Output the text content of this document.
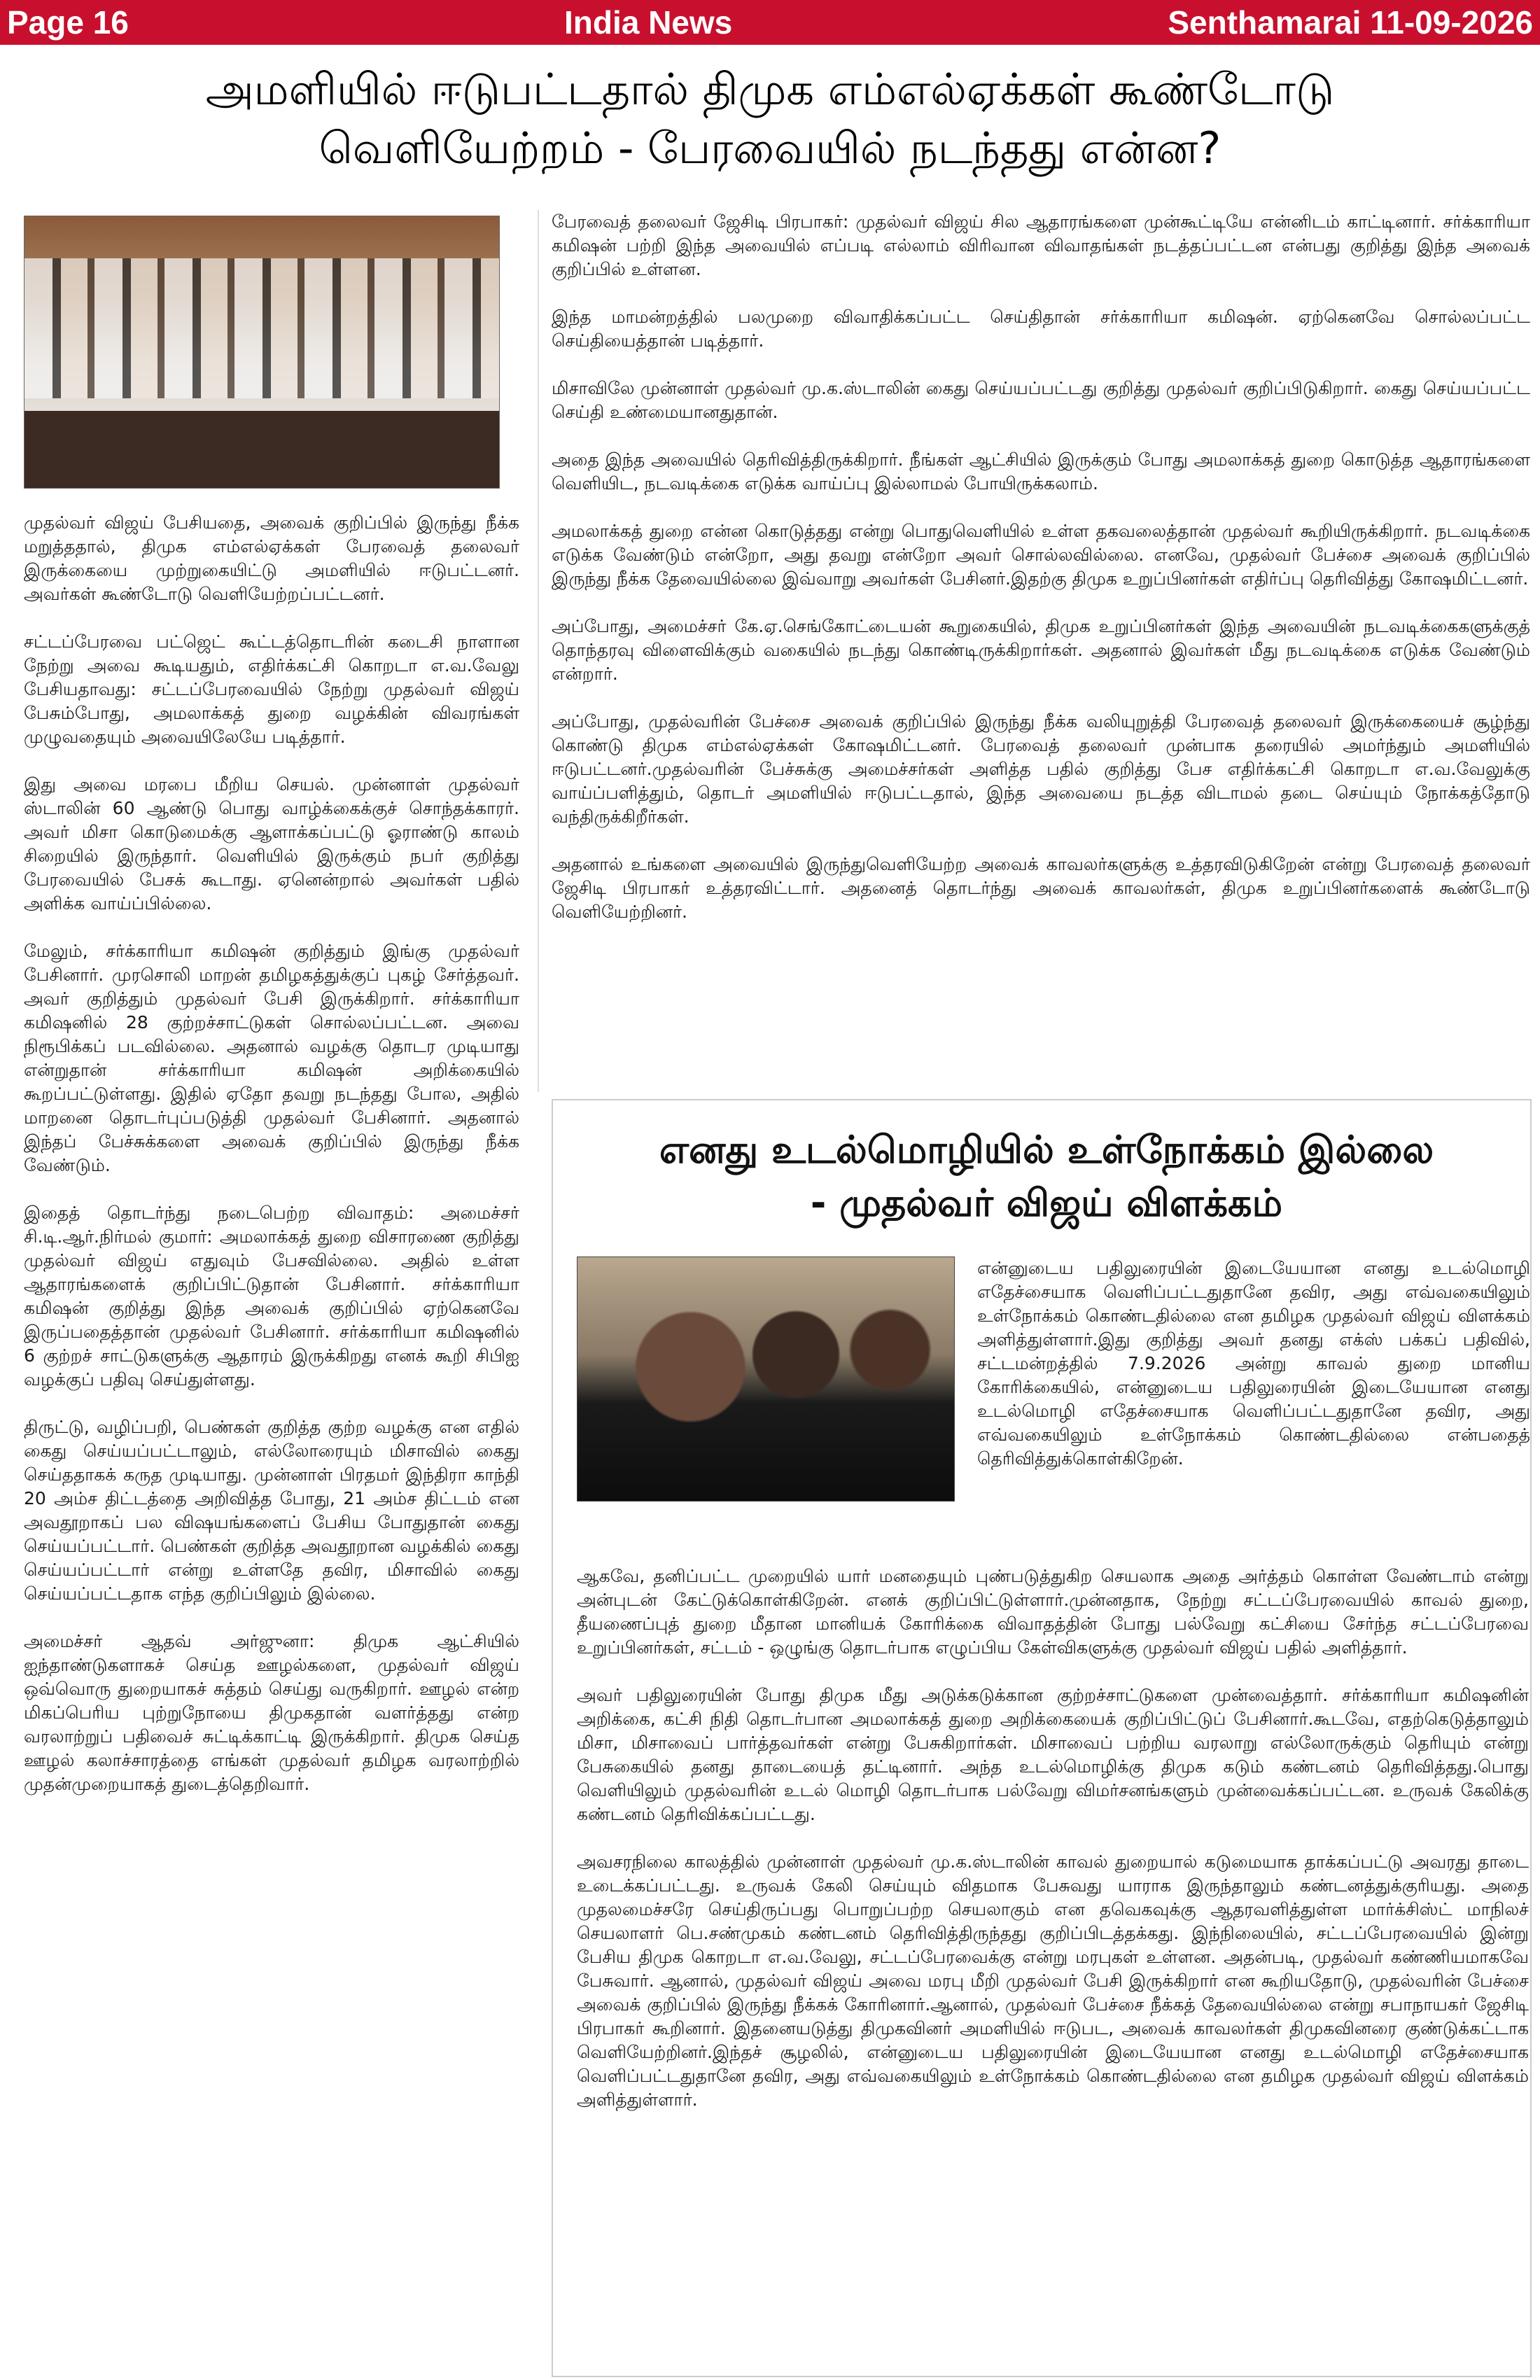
Page 16	India News	Senthamarai 11-09-2026
அமளியில் ஈடுபட்டதால் திமுக எம்எல்ஏக்கள் கூண்டோடு
வெளியேற்றம் - பேரவையில் நடந்தது என்ன?

முதல்வர் விஜய் பேசியதை, அவைக் குறிப்பில் இருந்து நீக்க மறுத்ததால், திமுக எம்எல்ஏக்கள் பேரவைத் தலைவர் இருக்கையை முற்றுகையிட்டு அமளியில் ஈடுபட்டனர். அவர்கள் கூண்டோடு வெளியேற்றப்பட்டனர்.

சட்டப்பேரவை பட்ஜெட் கூட்டத்தொடரின் கடைசி நாளான நேற்று அவை கூடியதும், எதிர்க்கட்சி கொறடா எ.வ.வேலு பேசியதாவது: சட்டப்பேரவையில் நேற்று முதல்வர் விஜய் பேசும்போது, அமலாக்கத் துறை வழக்கின் விவரங்கள் முழுவதையும் அவையிலேயே படித்தார்.

இது அவை மரபை மீறிய செயல். முன்னாள் முதல்வர் ஸ்டாலின் 60 ஆண்டு பொது வாழ்க்கைக்குச் சொந்தக்காரர். அவர் மிசா கொடுமைக்கு ஆளாக்கப்பட்டு ஓராண்டு காலம் சிறையில் இருந்தார். வெளியில் இருக்கும் நபர் குறித்து பேரவையில் பேசக் கூடாது. ஏனென்றால் அவர்கள் பதில் அளிக்க வாய்ப்பில்லை.

மேலும், சர்க்காரியா கமிஷன் குறித்தும் இங்கு முதல்வர் பேசினார். முரசொலி மாறன் தமிழகத்துக்குப் புகழ் சேர்த்தவர். அவர் குறித்தும் முதல்வர் பேசி இருக்கிறார். சர்க்காரியா கமிஷனில் 28 குற்றச்சாட்டுகள் சொல்லப்பட்டன. அவை நிரூபிக்கப் படவில்லை. அதனால் வழக்கு தொடர முடியாது என்றுதான் சர்க்காரியா கமிஷன் அறிக்கையில் கூறப்பட்டுள்ளது. இதில் ஏதோ தவறு நடந்தது போல, அதில் மாறனை தொடர்புப்படுத்தி முதல்வர் பேசினார். அதனால் இந்தப் பேச்சுக்களை அவைக் குறிப்பில் இருந்து நீக்க வேண்டும்.

இதைத் தொடர்ந்து நடைபெற்ற விவாதம்: அமைச்சர் சி.டி.ஆர்.நிர்மல் குமார்: அமலாக்கத் துறை விசாரணை குறித்து முதல்வர் விஜய் எதுவும் பேசவில்லை. அதில் உள்ள ஆதாரங்களைக் குறிப்பிட்டுதான் பேசினார். சர்க்காரியா கமிஷன் குறித்து இந்த அவைக் குறிப்பில் ஏற்கெனவே இருப்பதைத்தான் முதல்வர் பேசினார். சர்க்காரியா கமிஷனில் 6 குற்றச் சாட்டுகளுக்கு ஆதாரம் இருக்கிறது எனக் கூறி சிபிஐ வழக்குப் பதிவு செய்துள்ளது.

திருட்டு, வழிப்பறி, பெண்கள் குறித்த குற்ற வழக்கு என எதில் கைது செய்யப்பட்டாலும், எல்லோரையும் மிசாவில் கைது செய்ததாகக் கருத முடியாது. முன்னாள் பிரதமர் இந்திரா காந்தி 20 அம்ச திட்டத்தை அறிவித்த போது, 21 அம்ச திட்டம் என அவதூறாகப் பல விஷயங்களைப் பேசிய போதுதான் கைது செய்யப்பட்டார். பெண்கள் குறித்த அவதூறான வழக்கில் கைது செய்யப்பட்டார் என்று உள்ளதே தவிர, மிசாவில் கைது செய்யப்பட்டதாக எந்த குறிப்பிலும் இல்லை.

அமைச்சர் ஆதவ் அர்ஜுனா: திமுக ஆட்சியில் ஐந்தாண்டுகளாகச் செய்த ஊழல்களை, முதல்வர் விஜய் ஒவ்வொரு துறையாகச் சுத்தம் செய்து வருகிறார். ஊழல் என்ற மிகப்பெரிய புற்றுநோயை திமுகதான் வளர்த்தது என்ற வரலாற்றுப் பதிவைச் சுட்டிக்காட்டி இருக்கிறார். திமுக செய்த ஊழல் கலாச்சாரத்தை எங்கள் முதல்வர் தமிழக வரலாற்றில் முதன்முறையாகத் துடைத்தெறிவார்.

பேரவைத் தலைவர் ஜேசிடி பிரபாகர்: முதல்வர் விஜய் சில ஆதாரங்களை முன்கூட்டியே என்னிடம் காட்டினார். சர்க்காரியா கமிஷன் பற்றி இந்த அவையில் எப்படி எல்லாம் விரிவான விவாதங்கள் நடத்தப்பட்டன என்பது குறித்து இந்த அவைக் குறிப்பில் உள்ளன.

இந்த மாமன்றத்தில் பலமுறை விவாதிக்கப்பட்ட செய்திதான் சர்க்காரியா கமிஷன். ஏற்கெனவே சொல்லப்பட்ட செய்தியைத்தான் படித்தார்.

மிசாவிலே முன்னாள் முதல்வர் மு.க.ஸ்டாலின் கைது செய்யப்பட்டது குறித்து முதல்வர் குறிப்பிடுகிறார். கைது செய்யப்பட்ட செய்தி உண்மையானதுதான்.

அதை இந்த அவையில் தெரிவித்திருக்கிறார். நீங்கள் ஆட்சியில் இருக்கும் போது அமலாக்கத் துறை கொடுத்த ஆதாரங்களை வெளியிட, நடவடிக்கை எடுக்க வாய்ப்பு இல்லாமல் போயிருக்கலாம்.

அமலாக்கத் துறை என்ன கொடுத்தது என்று பொதுவெளியில் உள்ள தகவலைத்தான் முதல்வர் கூறியிருக்கிறார். நடவடிக்கை எடுக்க வேண்டும் என்றோ, அது தவறு என்றோ அவர் சொல்லவில்லை. எனவே, முதல்வர் பேச்சை அவைக் குறிப்பில் இருந்து நீக்க தேவையில்லை இவ்வாறு அவர்கள் பேசினர்.இதற்கு திமுக உறுப்பினர்கள் எதிர்ப்பு தெரிவித்து கோஷமிட்டனர்.

அப்போது, அமைச்சர் கே.ஏ.செங்கோட்டையன் கூறுகையில், திமுக உறுப்பினர்கள் இந்த அவையின் நடவடிக்கைகளுக்குத் தொந்தரவு விளைவிக்கும் வகையில் நடந்து கொண்டிருக்கிறார்கள். அதனால் இவர்கள் மீது நடவடிக்கை எடுக்க வேண்டும் என்றார்.

அப்போது, முதல்வரின் பேச்சை அவைக் குறிப்பில் இருந்து நீக்க வலியுறுத்தி பேரவைத் தலைவர் இருக்கையைச் சூழ்ந்து கொண்டு திமுக எம்எல்ஏக்கள் கோஷமிட்டனர். பேரவைத் தலைவர் முன்பாக தரையில் அமர்ந்தும் அமளியில் ஈடுபட்டனர்.முதல்வரின் பேச்சுக்கு அமைச்சர்கள் அளித்த பதில் குறித்து பேச எதிர்க்கட்சி கொறடா எ.வ.வேலுக்கு வாய்ப்பளித்தும், தொடர் அமளியில் ஈடுபட்டதால், இந்த அவையை நடத்த விடாமல் தடை செய்யும் நோக்கத்தோடு வந்திருக்கிறீர்கள்.

அதனால் உங்களை அவையில் இருந்துவெளியேற்ற அவைக் காவலர்களுக்கு உத்தரவிடுகிறேன் என்று பேரவைத் தலைவர் ஜேசிடி பிரபாகர் உத்தரவிட்டார். அதனைத் தொடர்ந்து அவைக் காவலர்கள், திமுக உறுப்பினர்களைக் கூண்டோடு வெளியேற்றினர்.

எனது உடல்மொழியில் உள்நோக்கம் இல்லை
- முதல்வர் விஜய் விளக்கம்

என்னுடைய பதிலுரையின் இடையேயான எனது உடல்மொழி எதேச்சையாக வெளிப்பட்டதுதானே தவிர, அது எவ்வகையிலும் உள்நோக்கம் கொண்டதில்லை என தமிழக முதல்வர் விஜய் விளக்கம் அளித்துள்ளார்.இது குறித்து அவர் தனது எக்ஸ் பக்கப் பதிவில், சட்டமன்றத்தில் 7.9.2026 அன்று காவல் துறை மானிய கோரிக்கையில், என்னுடைய பதிலுரையின் இடையேயான எனது உடல்மொழி எதேச்சையாக வெளிப்பட்டதுதானே தவிர, அது எவ்வகையிலும் உள்நோக்கம் கொண்டதில்லை என்பதைத் தெரிவித்துக்கொள்கிறேன்.

ஆகவே, தனிப்பட்ட முறையில் யார் மனதையும் புண்படுத்துகிற செயலாக அதை அர்த்தம் கொள்ள வேண்டாம் என்று அன்புடன் கேட்டுக்கொள்கிறேன். எனக் குறிப்பிட்டுள்ளார்.முன்னதாக, நேற்று சட்டப்பேரவையில் காவல் துறை, தீயணைப்புத் துறை மீதான மானியக் கோரிக்கை விவாதத்தின் போது பல்வேறு கட்சியை சேர்ந்த சட்டப்பேரவை உறுப்பினர்கள், சட்டம் - ஒழுங்கு தொடர்பாக எழுப்பிய கேள்விகளுக்கு முதல்வர் விஜய் பதில் அளித்தார்.

அவர் பதிலுரையின் போது திமுக மீது அடுக்கடுக்கான குற்றச்சாட்டுகளை முன்வைத்தார். சர்க்காரியா கமிஷனின் அறிக்கை, கட்சி நிதி தொடர்பான அமலாக்கத் துறை அறிக்கையைக் குறிப்பிட்டுப் பேசினார்.கூடவே, எதற்கெடுத்தாலும் மிசா, மிசாவைப் பார்த்தவர்கள் என்று பேசுகிறார்கள். மிசாவைப் பற்றிய வரலாறு எல்லோருக்கும் தெரியும் என்று பேசுகையில் தனது தாடையைத் தட்டினார். அந்த உடல்மொழிக்கு திமுக கடும் கண்டனம் தெரிவித்தது.பொது வெளியிலும் முதல்வரின் உடல் மொழி தொடர்பாக பல்வேறு விமர்சனங்களும் முன்வைக்கப்பட்டன. உருவக் கேலிக்கு கண்டனம் தெரிவிக்கப்பட்டது.

அவசரநிலை காலத்தில் முன்னாள் முதல்வர் மு.க.ஸ்டாலின் காவல் துறையால் கடுமையாக தாக்கப்பட்டு அவரது தாடை உடைக்கப்பட்டது. உருவக் கேலி செய்யும் விதமாக பேசுவது யாராக இருந்தாலும் கண்டனத்துக்குரியது. அதை முதலமைச்சரே செய்திருப்பது பொறுப்பற்ற செயலாகும் என தவெகவுக்கு ஆதரவளித்துள்ள மார்க்சிஸ்ட் மாநிலச் செயலாளர் பெ.சண்முகம் கண்டனம் தெரிவித்திருந்தது குறிப்பிடத்தக்கது. இந்நிலையில், சட்டப்பேரவையில் இன்று பேசிய திமுக கொறடா எ.வ.வேலு, சட்டப்பேரவைக்கு என்று மரபுகள் உள்ளன. அதன்படி, முதல்வர் கண்ணியமாகவே பேசுவார். ஆனால், முதல்வர் விஜய் அவை மரபு மீறி முதல்வர் பேசி இருக்கிறார் என கூறியதோடு, முதல்வரின் பேச்சை அவைக் குறிப்பில் இருந்து நீக்கக் கோரினார்.ஆனால், முதல்வர் பேச்சை நீக்கத் தேவையில்லை என்று சபாநாயகர் ஜேசிடி பிரபாகர் கூறினார். இதனையடுத்து திமுகவினர் அமளியில் ஈடுபட, அவைக் காவலர்கள் திமுகவினரை குண்டுக்கட்டாக வெளியேற்றினர்.இந்தச் சூழலில், என்னுடைய பதிலுரையின் இடையேயான எனது உடல்மொழி எதேச்சையாக வெளிப்பட்டதுதானே தவிர, அது எவ்வகையிலும் உள்நோக்கம் கொண்டதில்லை என தமிழக முதல்வர் விஜய் விளக்கம் அளித்துள்ளார்.
